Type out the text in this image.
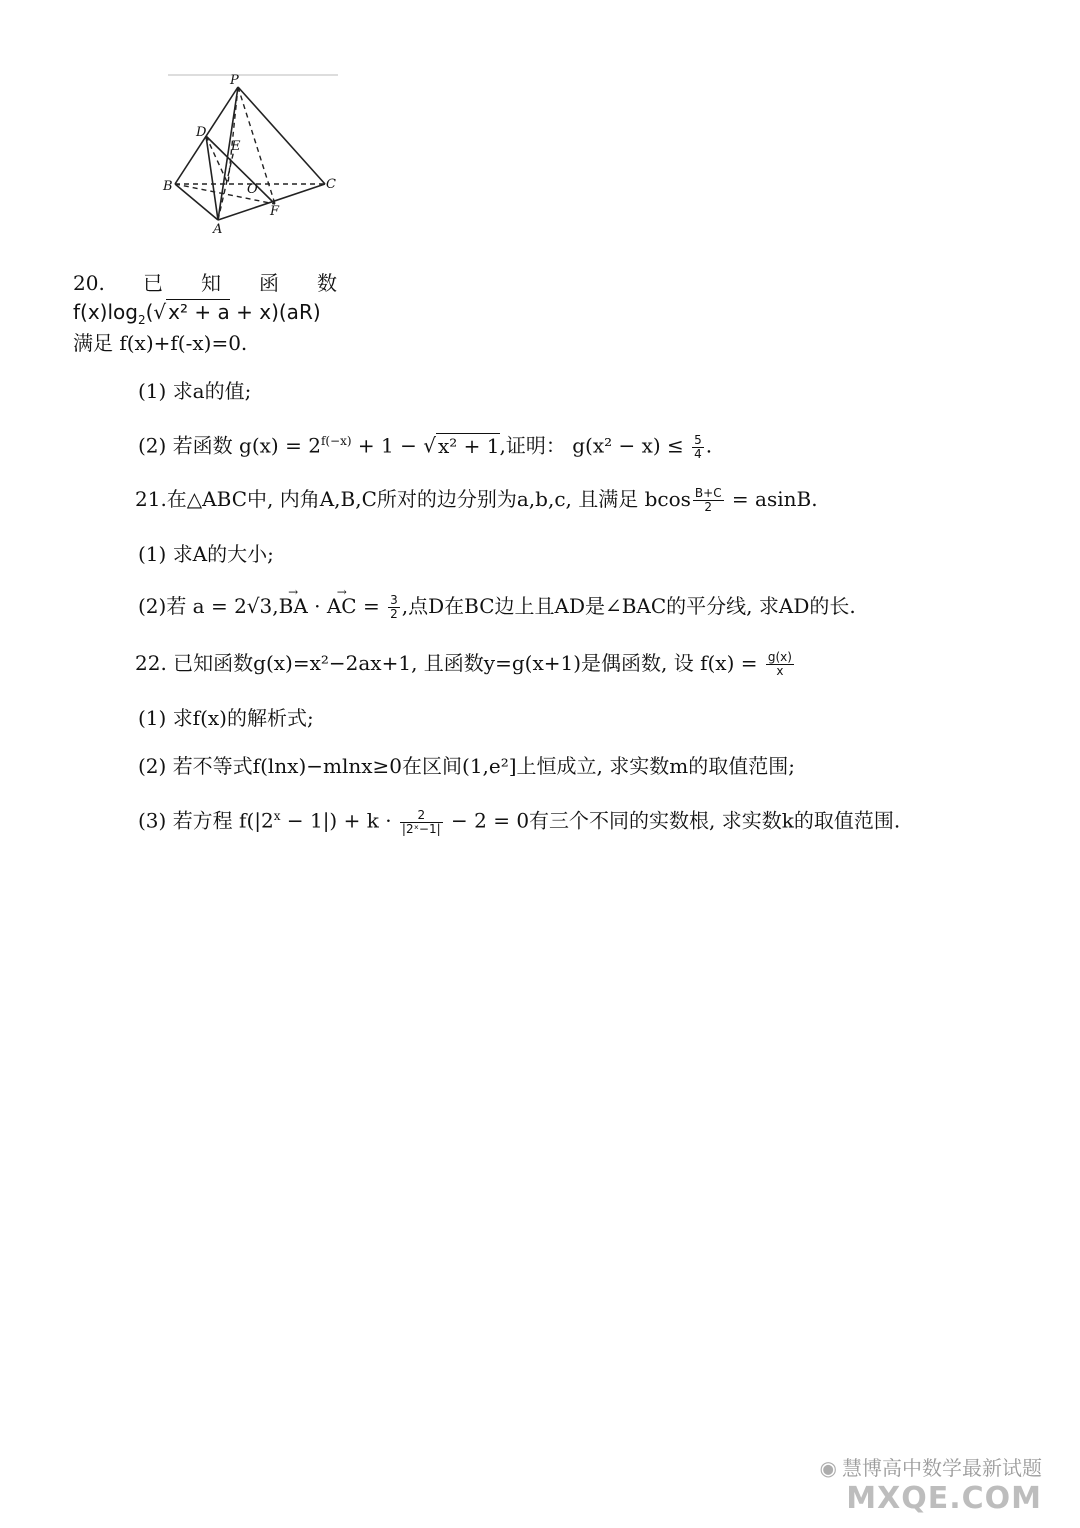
P
D
E
B	O	C
F
A
20. 已 知 函 数
$f(x)\log_2(√$ x² + a + x)(aR)
满足 f(x)+f(-x)=0.
(1) 求a的值;
(2) 若函数 $g(x) = 2^{f(-x)} + 1$ − √ x² + 1,证明： $g(x^2 - x) \le \frac{5}{4}$ .
21.在△ABC中, 内角A,B,C所对的边分别为a,b,c, 且满足 bcos $\frac{B+C}{2} = asinB$.
(1) 求A的大小;
(2)若 a = 2√3,→ BA · → AC = $\frac{3}{2}$ ,点D在BC边上且AD是∠BAC的平分线, 求AD的长.
22. 已知函数g(x)=x²−2ax+1, 且函数y=g(x+1)是偶函数, 设 $f(x) = \frac{g(x)}{x}$
(1) 求f(x)的解析式;
(2) 若不等式f(lnx)−mlnx≥0在区间(1,e²]上恒成立, 求实数m的取值范围;
(3) 若方程 $f(|2^x - 1|) + k \cdot \frac{2}{\text{|2ˣ−1|}} - 2 = 0$有三个不同的实数根, 求实数k的取值范围.
◉ 慧博高中数学最新试题
MXQE.COM
